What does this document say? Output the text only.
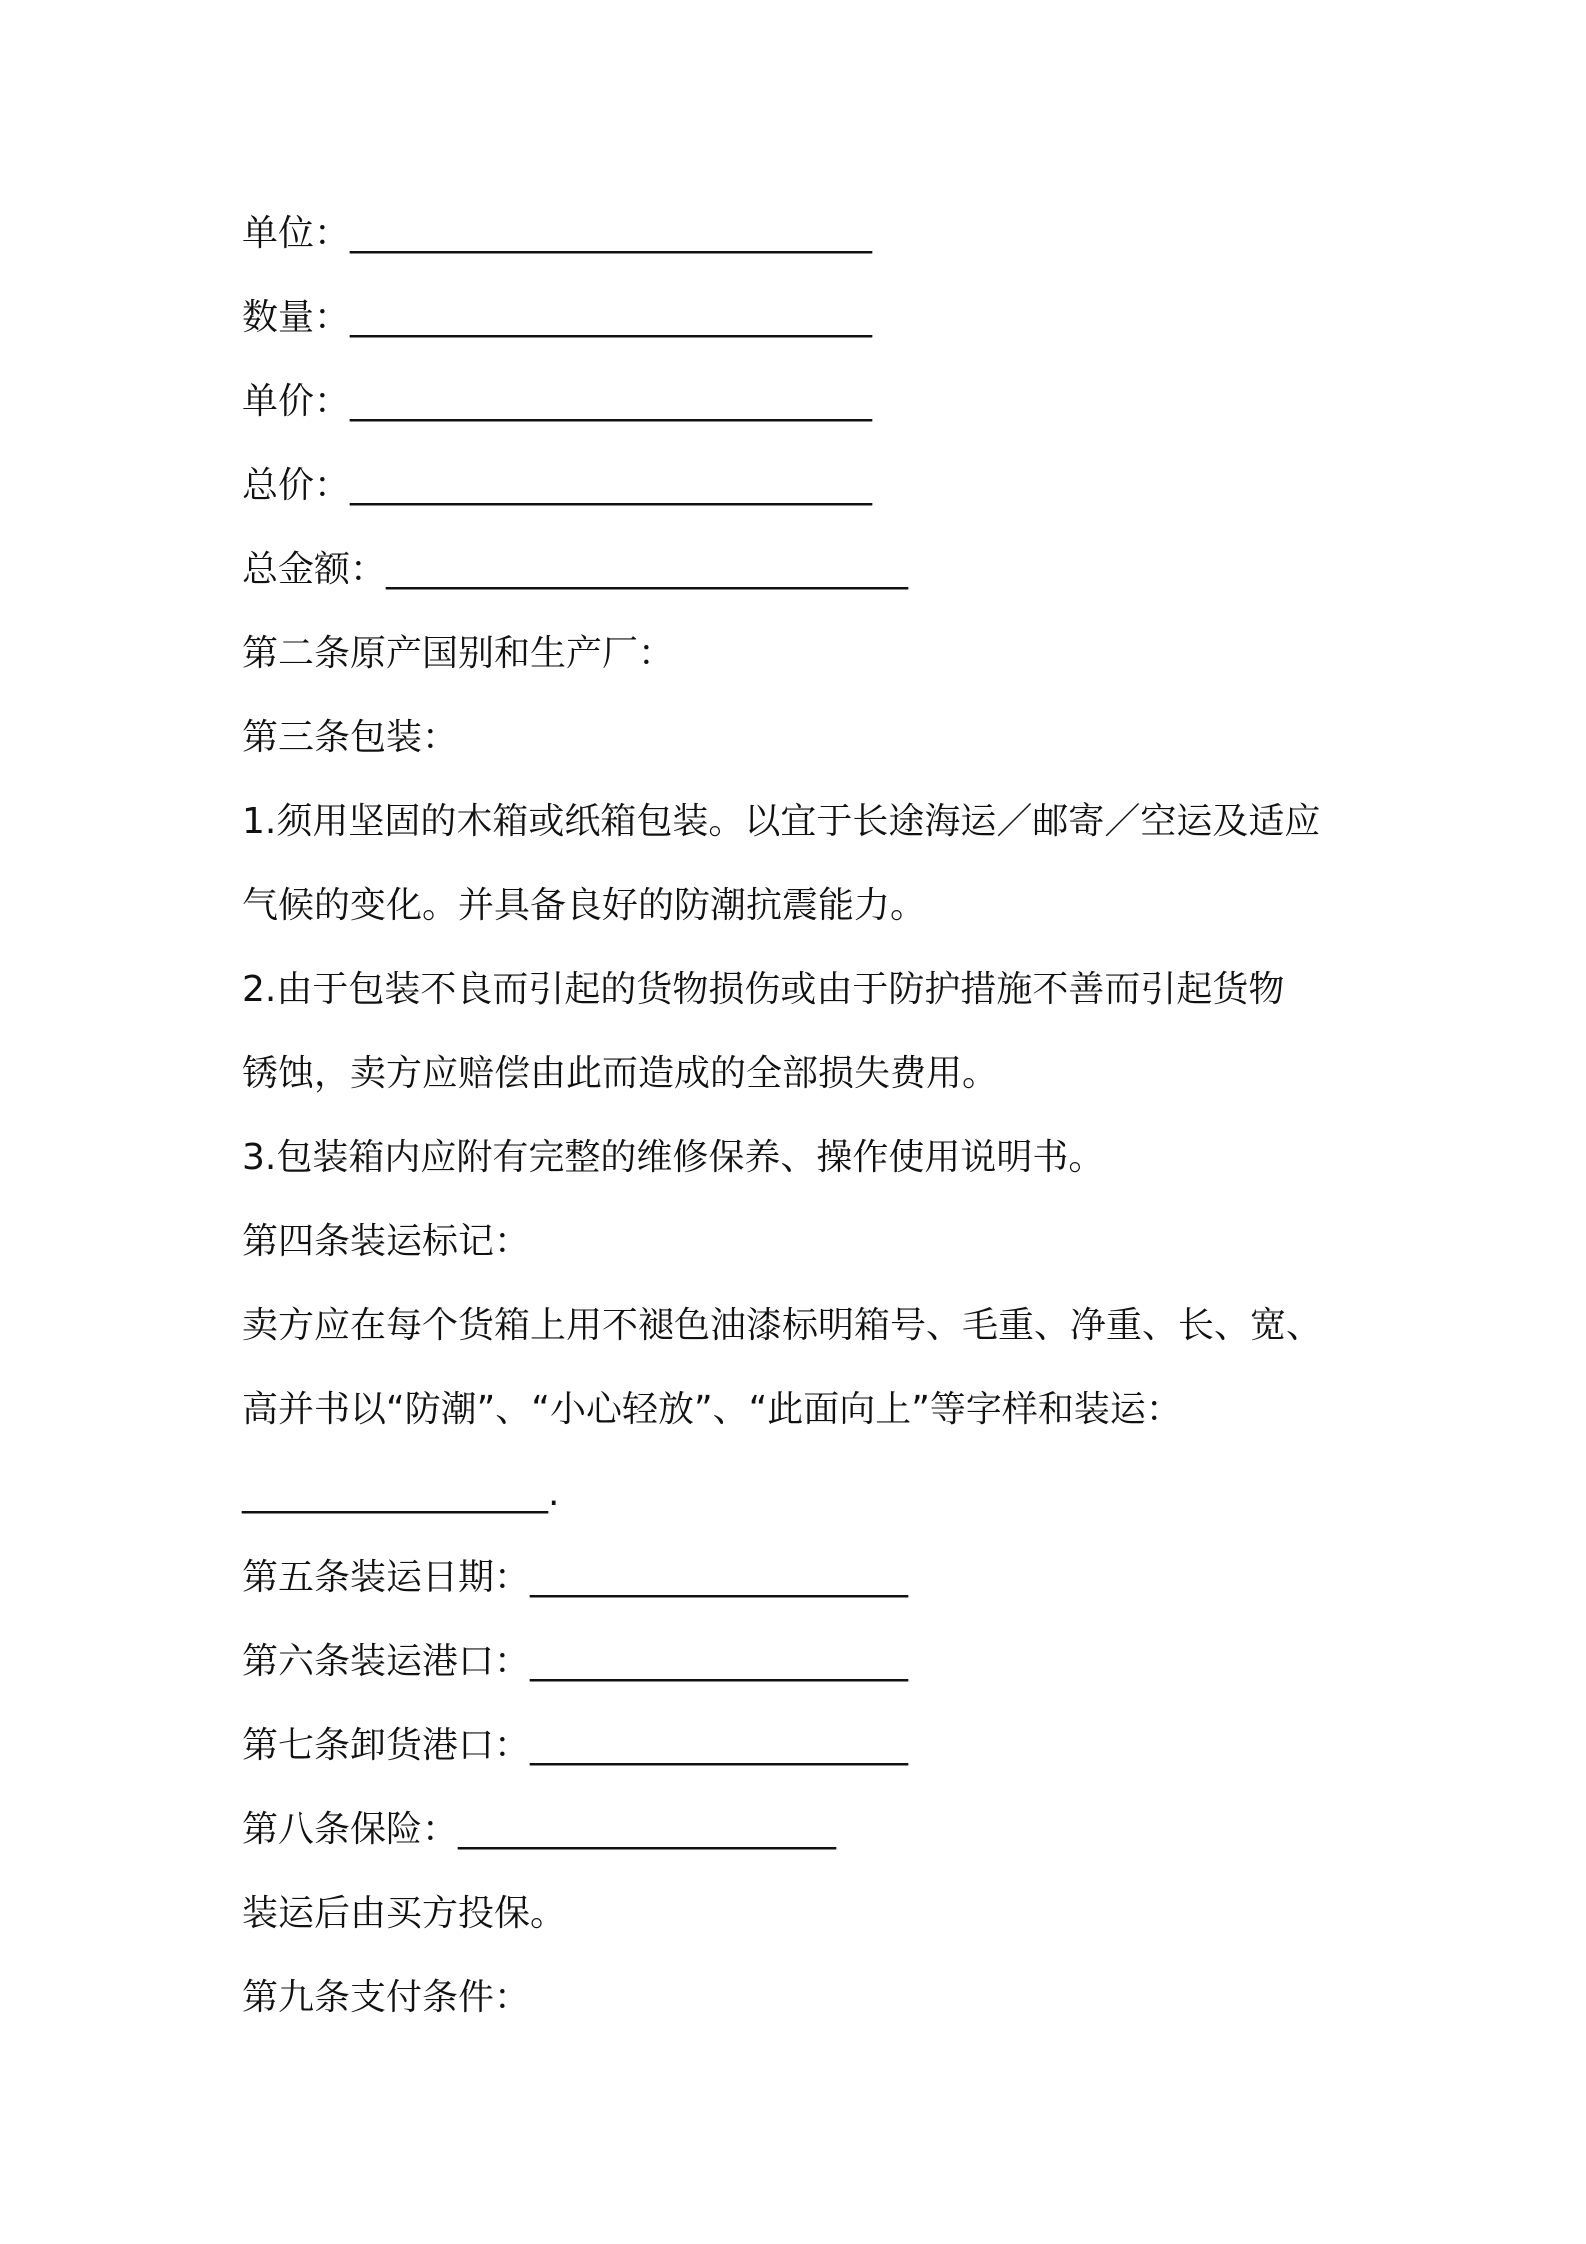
单位：_____________________________
数量：_____________________________
单价：_____________________________
总价：_____________________________
总金额：_____________________________
第二条原产国别和生产厂：
第三条包装：
1.须用坚固的木箱或纸箱包装。以宜于长途海运／邮寄／空运及适应
气候的变化。并具备良好的防潮抗震能力。
2.由于包装不良而引起的货物损伤或由于防护措施不善而引起货物
锈蚀，卖方应赔偿由此而造成的全部损失费用。
3.包装箱内应附有完整的维修保养、操作使用说明书。
第四条装运标记：
卖方应在每个货箱上用不褪色油漆标明箱号、毛重、净重、长、宽、
高并书以“防潮”、“小心轻放”、“此面向上”等字样和装运：
_________________.
第五条装运日期：_____________________
第六条装运港口：_____________________
第七条卸货港口：_____________________
第八条保险：_____________________
装运后由买方投保。
第九条支付条件：
